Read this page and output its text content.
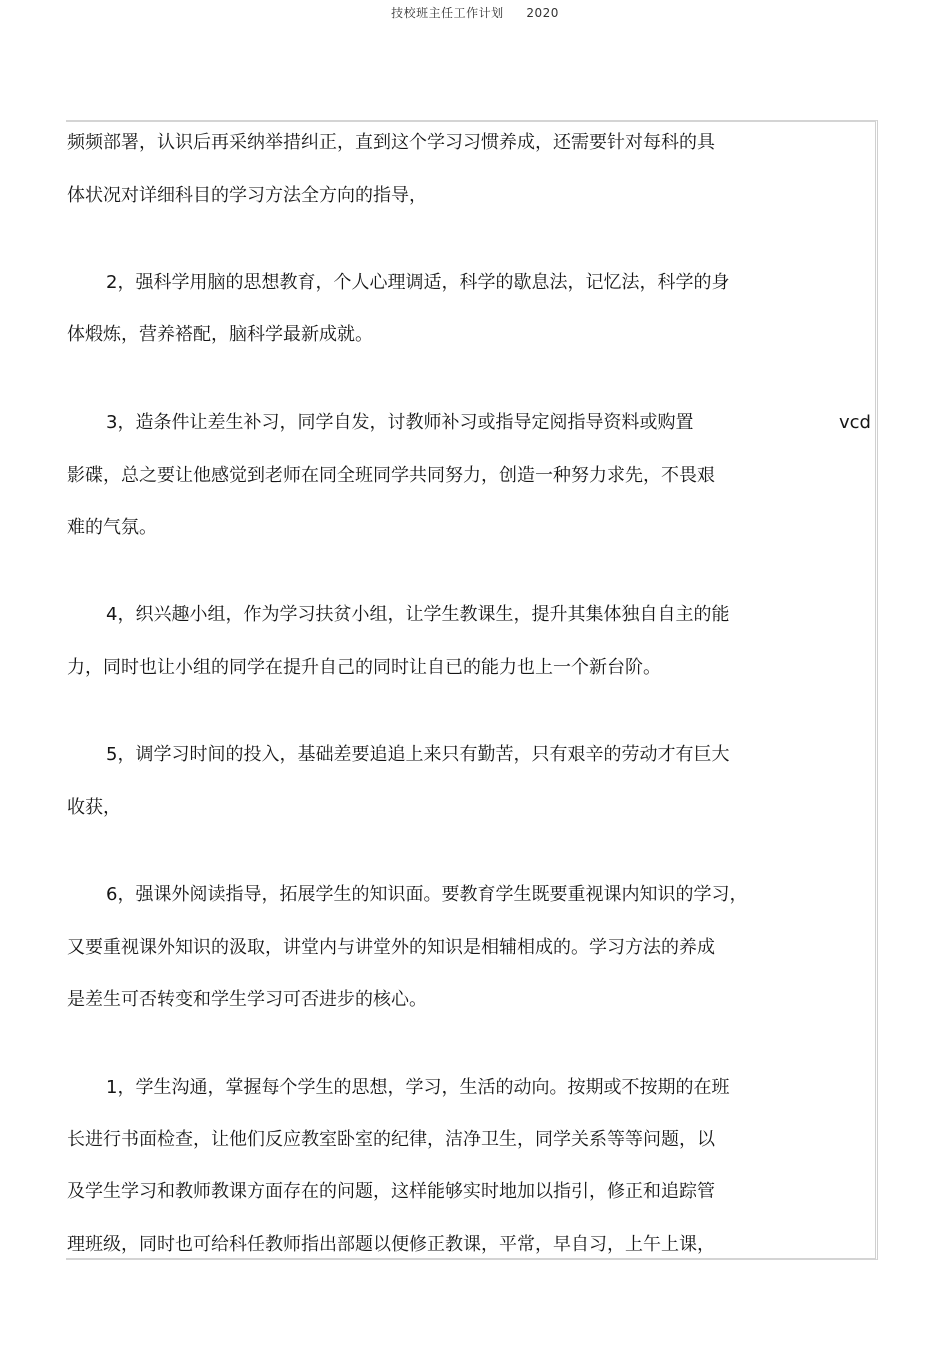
技校班主任工作计划 2020
频频部署，认识后再采纳举措纠正，直到这个学习习惯养成，还需要针对每科的具
体状况对详细科目的学习方法全方向的指导，
2，强科学用脑的思想教育，个人心理调适，科学的歇息法，记忆法，科学的身
体煅炼，营养褡配，脑科学最新成就。
3，造条件让差生补习，同学自发，讨教师补习或指导定阅指导资料或购置	vcd
影碟，总之要让他感觉到老师在同全班同学共同努力，创造一种努力求先，不畏艰
难的气氛。
4，织兴趣小组，作为学习扶贫小组，让学生教课生，提升其集体独自自主的能
力，同时也让小组的同学在提升自己的同时让自已的能力也上一个新台阶。
5，调学习时间的投入，基础差要追追上来只有勤苦，只有艰辛的劳动才有巨大
收获，
6，强课外阅读指导，拓展学生的知识面。要教育学生既要重视课内知识的学习，
又要重视课外知识的汲取，讲堂内与讲堂外的知识是相辅相成的。学习方法的养成
是差生可否转变和学生学习可否进步的核心。
1，学生沟通，掌握每个学生的思想，学习，生活的动向。按期或不按期的在班
长进行书面检查，让他们反应教室卧室的纪律，洁净卫生，同学关系等等问题，以
及学生学习和教师教课方面存在的问题，这样能够实时地加以指引，修正和追踪管
理班级，同时也可给科任教师指出部题以便修正教课，平常，早自习，上午上课，
